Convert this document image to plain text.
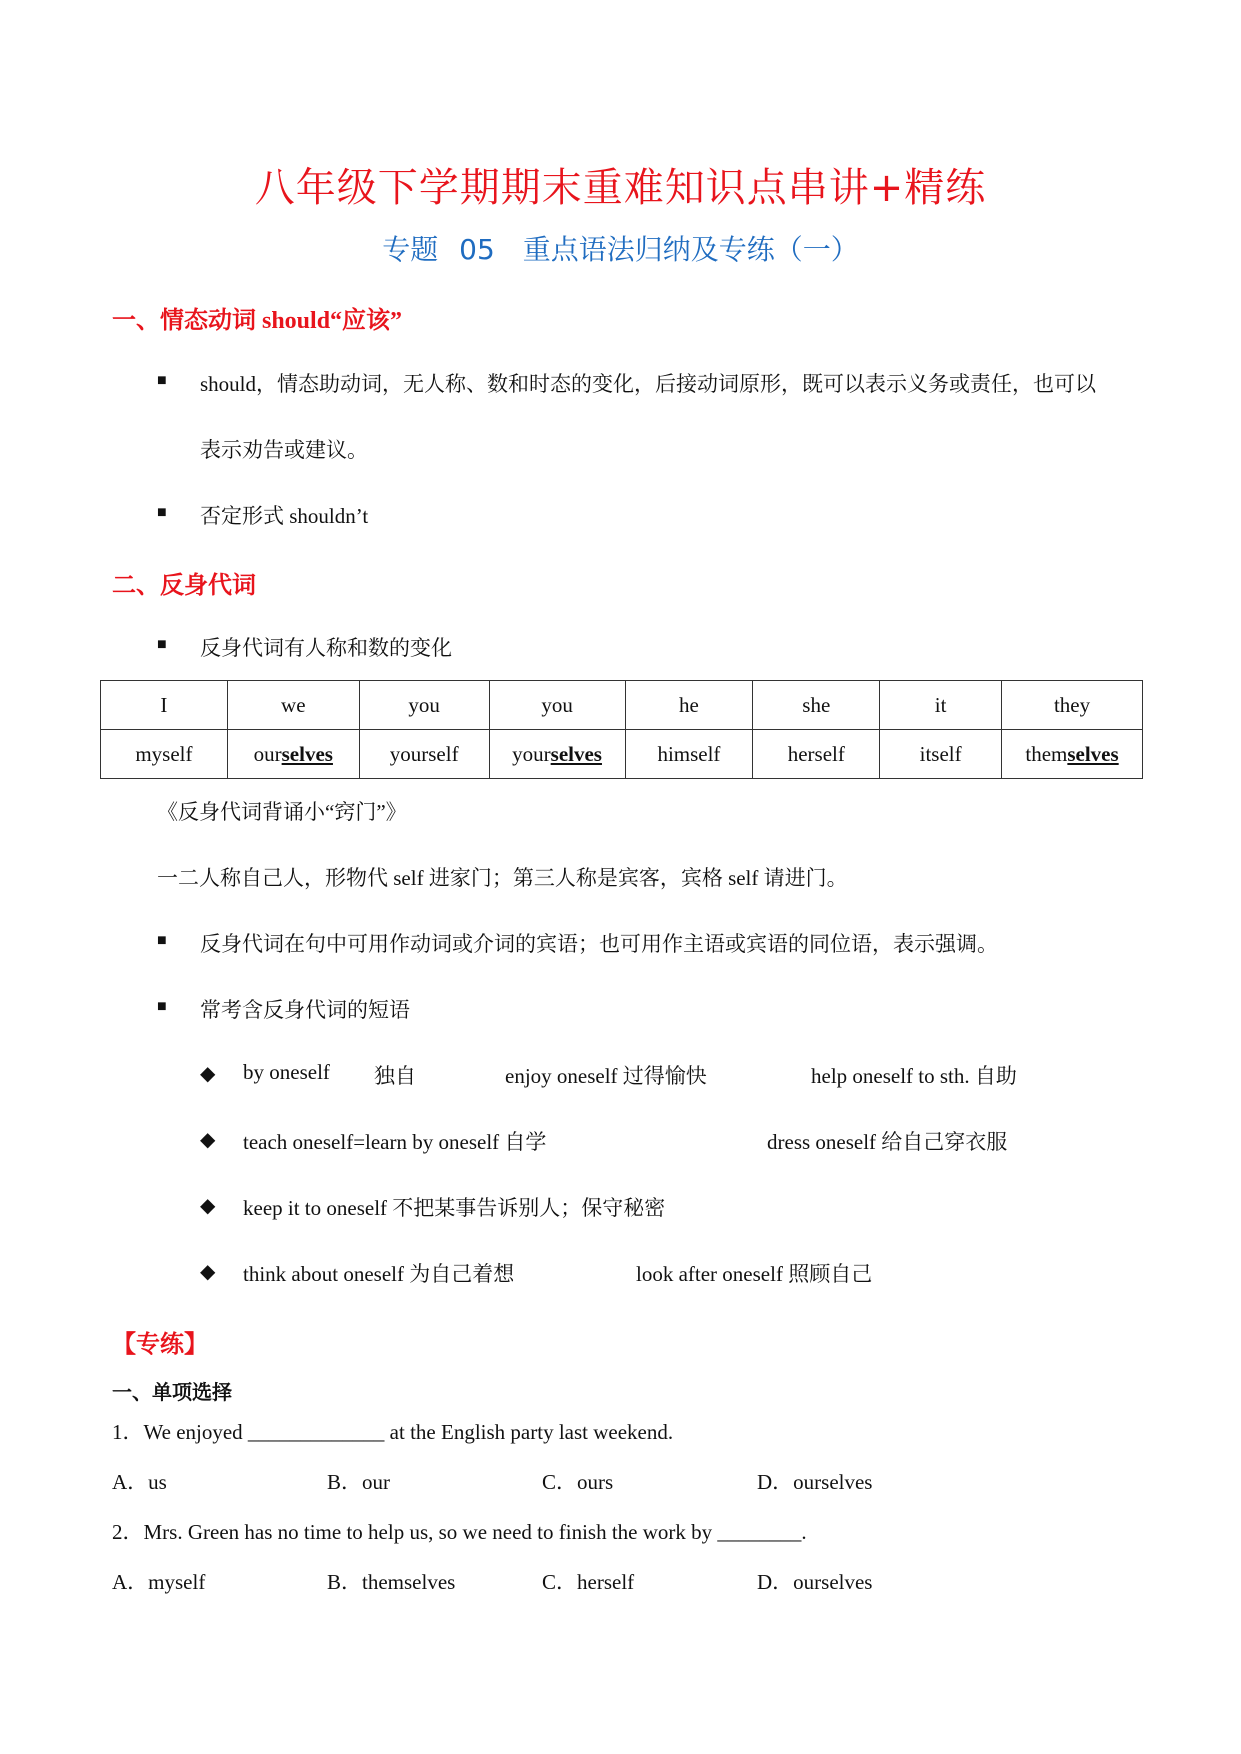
八年级下学期期末重难知识点串讲+精练
专题 05　重点语法归纳及专练（一）
一、情态动词 should“应该”
■ should，情态助动词，无人称、数和时态的变化，后接动词原形，既可以表示义务或责任，也可以
表示劝告或建议。
■ 否定形式 shouldn’t
二、反身代词
■ 反身代词有人称和数的变化
I	we	you	you	he	she	it	they
myself	ourselves	yourself	yourselves	himself	herself	itself	themselves
《反身代词背诵小“窍门”》
一二人称自己人，形物代 self 进家门；第三人称是宾客，宾格 self 请进门。
■ 反身代词在句中可用作动词或介词的宾语；也可用作主语或宾语的同位语，表示强调。
■ 常考含反身代词的短语
◆ by oneself 独自	enjoy oneself 过得愉快	help oneself to sth. 自助
◆ teach oneself=learn by oneself 自学	dress oneself 给自己穿衣服
◆ keep it to oneself 不把某事告诉别人；保守秘密
◆ think about oneself 为自己着想	look after oneself 照顾自己
【专练】
一、单项选择
1．We enjoyed _____________ at the English party last weekend.
A．us	B．our	C．ours	D．ourselves
2．Mrs. Green has no time to help us, so we need to finish the work by ________.
A．myself	B．themselves	C．herself	D．ourselves
